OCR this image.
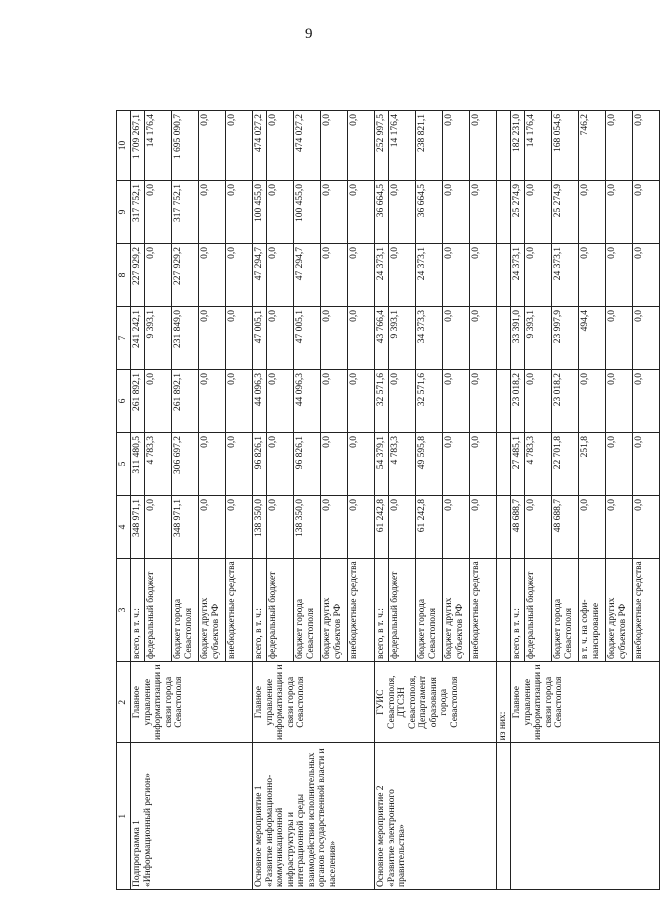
9
1	2	3	4	5	6	7	8	9	10
Подпрограмма 1 «Информационный регион»	Главное управление информатизации и связи города Севастополя	всего, в т. ч.:	348 971,1	311 480,5	261 892,1	241 242,1	227 929,2	317 752,1	1 709 267,1
		федеральный бюджет	0,0	4 783,3	0,0	9 393,1	0,0	0,0	14 176,4
		бюджет города Севастополя	348 971,1	306 697,2	261 892,1	231 849,0	227 929,2	317 752,1	1 695 090,7
		бюджет других субъектов РФ	0,0	0,0	0,0	0,0	0,0	0,0	0,0
		внебюджетные средства	0,0	0,0	0,0	0,0	0,0	0,0	0,0
Основное мероприятие 1 «Развитие информационно-коммуникационной инфраструктуры и интеграционной среды взаимодействия исполнительных органов государственной власти и населения»	Главное управление информатизации и связи города Севастополя	всего, в т. ч.:	138 350,0	96 826,1	44 096,3	47 005,1	47 294,7	100 455,0	474 027,2
		федеральный бюджет	0,0	0,0	0,0	0,0	0,0	0,0	0,0
		бюджет города Севастополя	138 350,0	96 826,1	44 096,3	47 005,1	47 294,7	100 455,0	474 027,2
		бюджет других субъектов РФ	0,0	0,0	0,0	0,0	0,0	0,0	0,0
		внебюджетные средства	0,0	0,0	0,0	0,0	0,0	0,0	0,0
Основное мероприятие 2 «Развитие электронного правительства»	ГУИС Севастополя, ДТСЗН Севастополя, Департамент образования города Севастополя	всего, в т. ч.:	61 242,8	54 379,1	32 571,6	43 766,4	24 373,1	36 664,5	252 997,5
		федеральный бюджет	0,0	4 783,3	0,0	9 393,1	0,0	0,0	14 176,4
		бюджет города Севастополя	61 242,8	49 595,8	32 571,6	34 373,3	24 373,1	36 664,5	238 821,1
		бюджет других субъектов РФ	0,0	0,0	0,0	0,0	0,0	0,0	0,0
		внебюджетные средства	0,0	0,0	0,0	0,0	0,0	0,0	0,0
	из них:								
	Главное управление информатизации и связи города Севастополя	всего, в т. ч.:	48 688,7	27 485,1	23 018,2	33 391,0	24 373,1	25 274,9	182 231,0
		федеральный бюджет	0,0	4 783,3	0,0	9 393,1	0,0	0,0	14 176,4
		бюджет города Севастополя	48 688,7	22 701,8	23 018,2	23 997,9	24 373,1	25 274,9	168 054,6
		в т. ч. на софи-нансирование	0,0	251,8	0,0	494,4	0,0	0,0	746,2
		бюджет других субъектов РФ	0,0	0,0	0,0	0,0	0,0	0,0	0,0
		внебюджетные средства	0,0	0,0	0,0	0,0	0,0	0,0	0,0
